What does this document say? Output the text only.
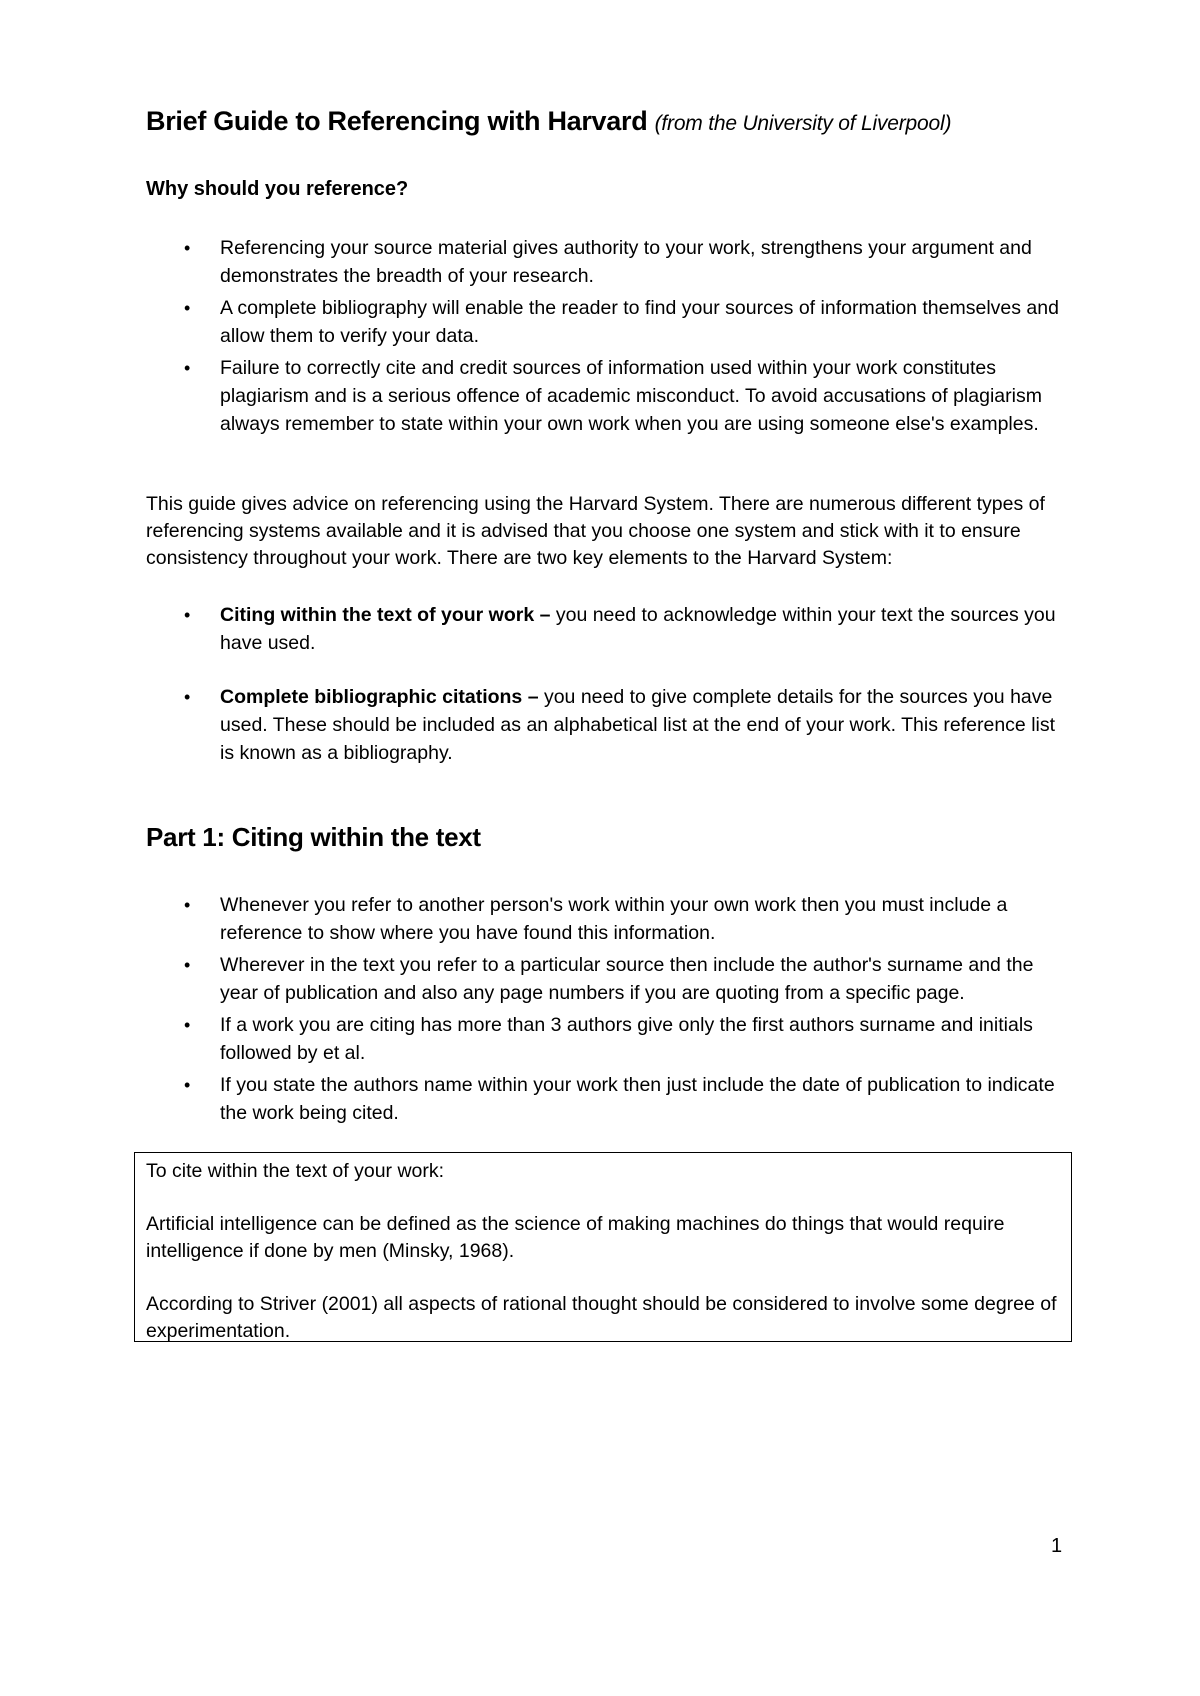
Brief Guide to Referencing with Harvard (from the University of Liverpool)
Why should you reference?
• Referencing your source material gives authority to your work, strengthens your argument and demonstrates the breadth of your research.
• A complete bibliography will enable the reader to find your sources of information themselves and allow them to verify your data.
• Failure to correctly cite and credit sources of information used within your work constitutes plagiarism and is a serious offence of academic misconduct. To avoid accusations of plagiarism always remember to state within your own work when you are using someone else's examples.

This guide gives advice on referencing using the Harvard System. There are numerous different types of referencing systems available and it is advised that you choose one system and stick with it to ensure consistency throughout your work. There are two key elements to the Harvard System:

• Citing within the text of your work – you need to acknowledge within your text the sources you have used.
• Complete bibliographic citations – you need to give complete details for the sources you have used. These should be included as an alphabetical list at the end of your work. This reference list is known as a bibliography.
Part 1: Citing within the text
• Whenever you refer to another person's work within your own work then you must include a reference to show where you have found this information.
• Wherever in the text you refer to a particular source then include the author's surname and the year of publication and also any page numbers if you are quoting from a specific page.
• If a work you are citing has more than 3 authors give only the first authors surname and initials followed by et al.
• If you state the authors name within your work then just include the date of publication to indicate the work being cited.

To cite within the text of your work:

Artificial intelligence can be defined as the science of making machines do things that would require intelligence if done by men (Minsky, 1968).

According to Striver (2001) all aspects of rational thought should be considered to involve some degree of experimentation.

1
